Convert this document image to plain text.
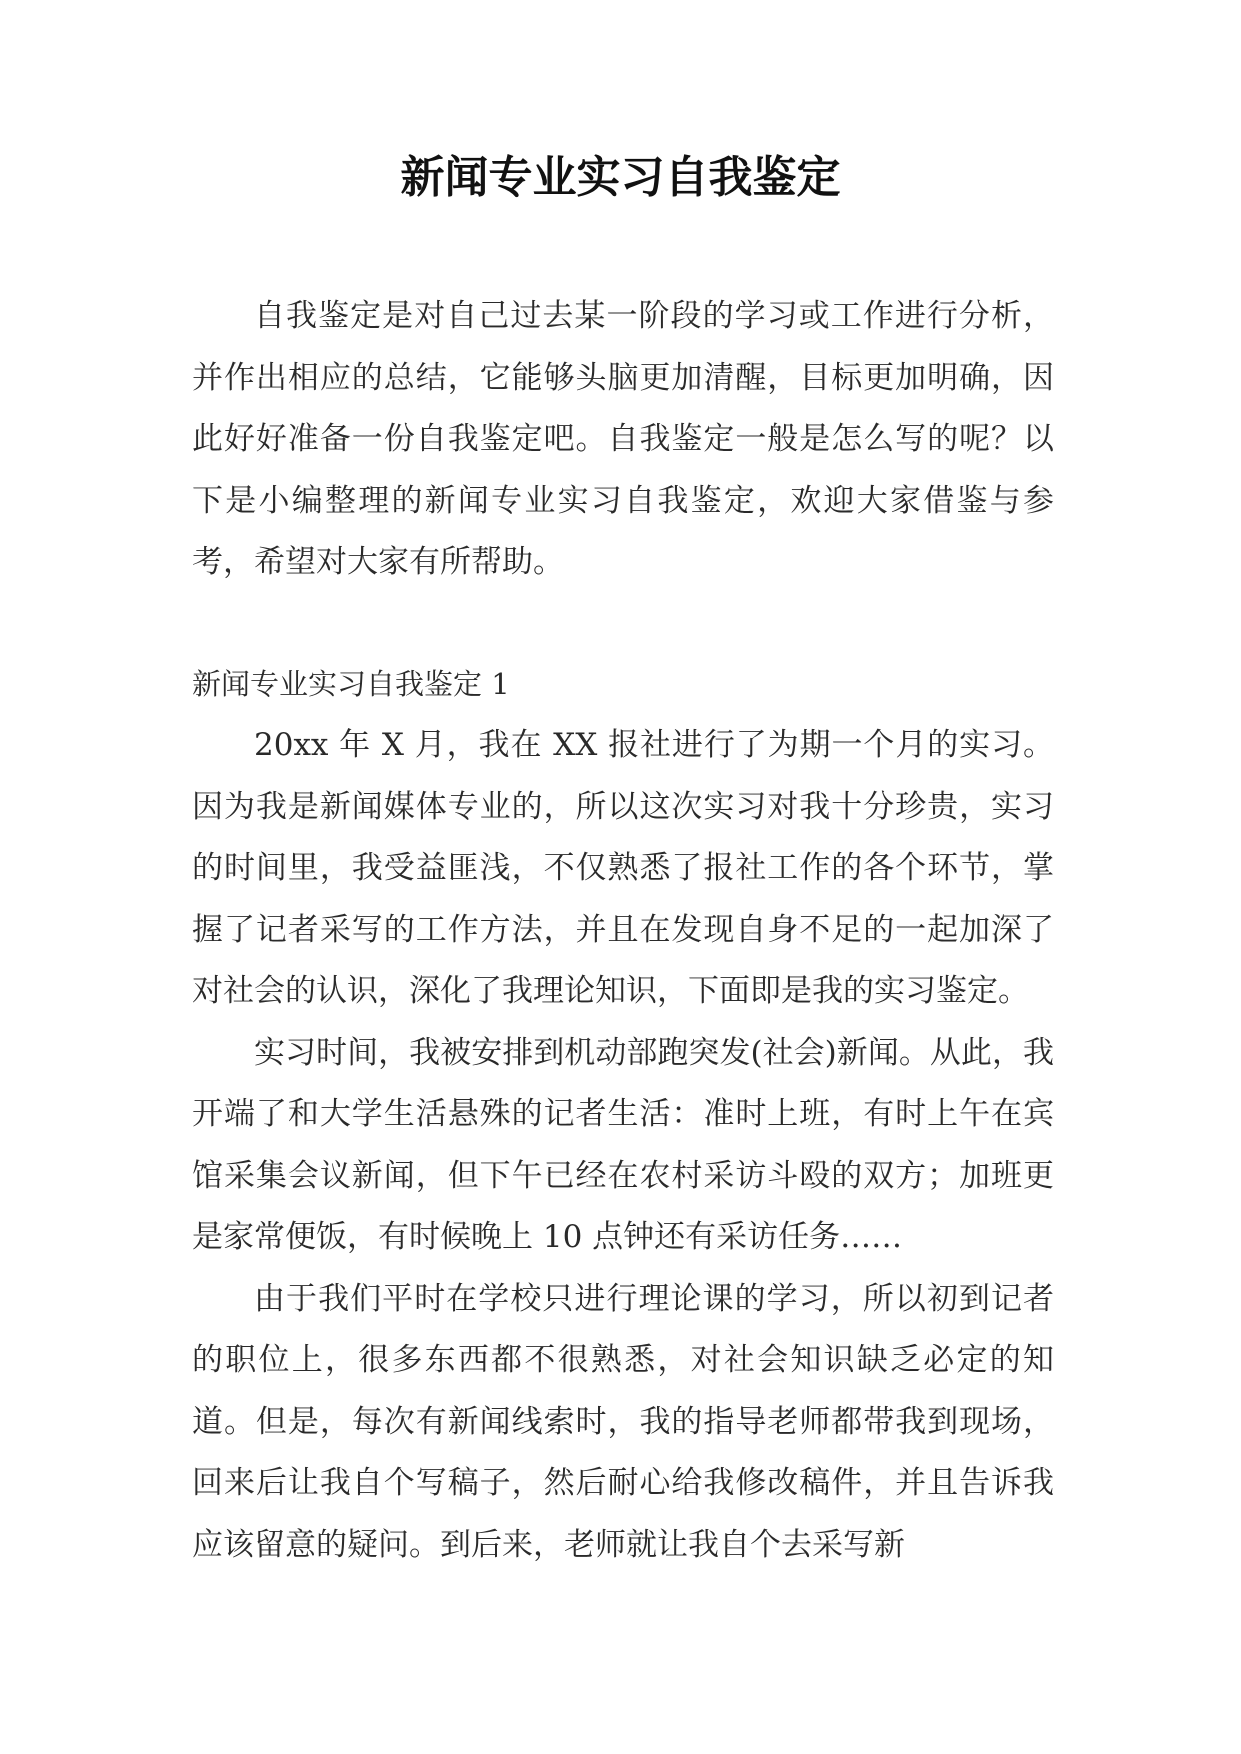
新闻专业实习自我鉴定

自我鉴定是对自己过去某一阶段的学习或工作进行分析，并作出相应的总结，它能够头脑更加清醒，目标更加明确，因此好好准备一份自我鉴定吧。自我鉴定一般是怎么写的呢？以下是小编整理的新闻专业实习自我鉴定，欢迎大家借鉴与参考，希望对大家有所帮助。

新闻专业实习自我鉴定 1

20xx 年 X 月，我在 XX 报社进行了为期一个月的实习。因为我是新闻媒体专业的，所以这次实习对我十分珍贵，实习的时间里，我受益匪浅，不仅熟悉了报社工作的各个环节，掌握了记者采写的工作方法，并且在发现自身不足的一起加深了对社会的认识，深化了我理论知识，下面即是我的实习鉴定。

实习时间，我被安排到机动部跑突发(社会)新闻。从此，我开端了和大学生活悬殊的记者生活：准时上班，有时上午在宾馆采集会议新闻，但下午已经在农村采访斗殴的双方；加班更是家常便饭，有时候晚上 10 点钟还有采访任务……

由于我们平时在学校只进行理论课的学习，所以初到记者的职位上，很多东西都不很熟悉，对社会知识缺乏必定的知道。但是，每次有新闻线索时，我的指导老师都带我到现场，回来后让我自个写稿子，然后耐心给我修改稿件，并且告诉我应该留意的疑问。到后来，老师就让我自个去采写新
